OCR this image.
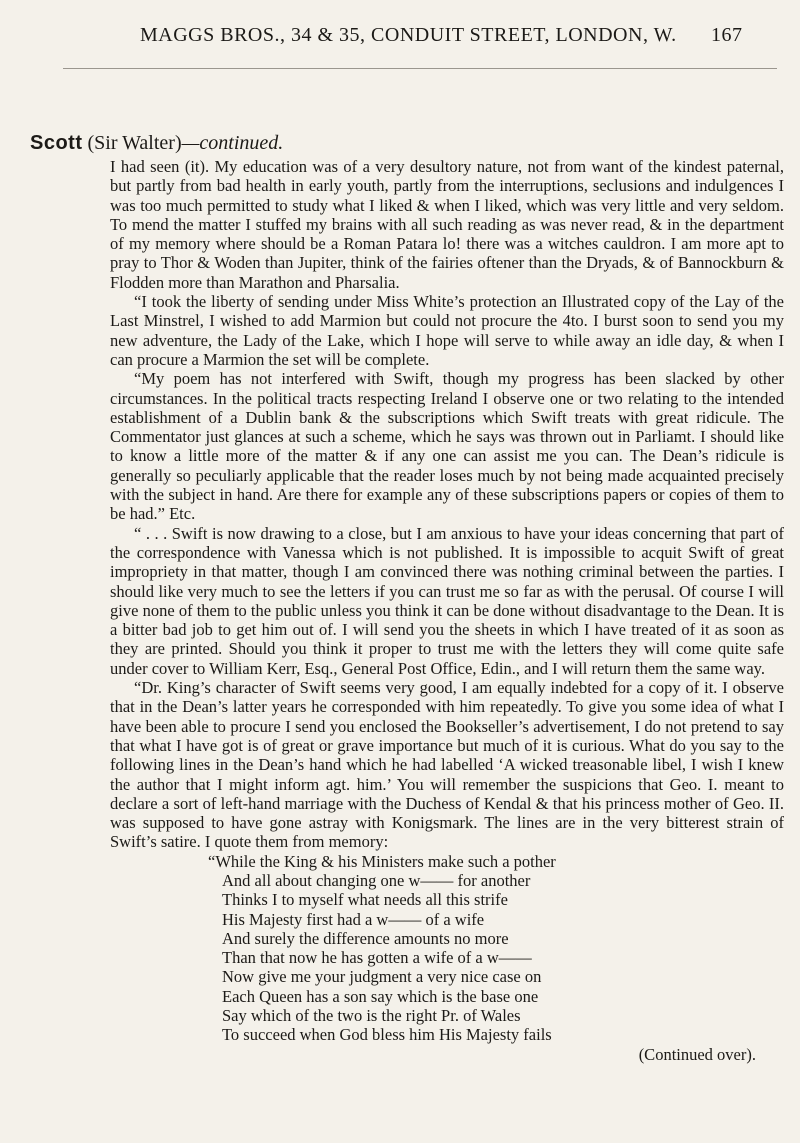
MAGGS BROS., 34 & 35, CONDUIT STREET, LONDON, W. 167
Scott (Sir Walter)—continued.

I had seen (it). My education was of a very desultory nature, not from want of the kindest paternal, but partly from bad health in early youth, partly from the interruptions, seclusions and indulgences I was too much permitted to study what I liked & when I liked, which was very little and very seldom. To mend the matter I stuffed my brains with all such reading as was never read, & in the department of my memory where should be a Roman Patara lo! there was a witches cauldron. I am more apt to pray to Thor & Woden than Jupiter, think of the fairies oftener than the Dryads, & of Bannockburn & Flodden more than Marathon and Pharsalia.

“I took the liberty of sending under Miss White’s protection an Illustrated copy of the Lay of the Last Minstrel, I wished to add Marmion but could not procure the 4to. I burst soon to send you my new adventure, the Lady of the Lake, which I hope will serve to while away an idle day, & when I can procure a Marmion the set will be complete.

“My poem has not interfered with Swift, though my progress has been slacked by other circumstances. In the political tracts respecting Ireland I observe one or two relating to the intended establishment of a Dublin bank & the subscriptions which Swift treats with great ridicule. The Commentator just glances at such a scheme, which he says was thrown out in Parliamt. I should like to know a little more of the matter & if any one can assist me you can. The Dean’s ridicule is generally so peculiarly applicable that the reader loses much by not being made acquainted precisely with the subject in hand. Are there for example any of these subscriptions papers or copies of them to be had.” Etc.

“ . . . Swift is now drawing to a close, but I am anxious to have your ideas concerning that part of the correspondence with Vanessa which is not published. It is impossible to acquit Swift of great impropriety in that matter, though I am convinced there was nothing criminal between the parties. I should like very much to see the letters if you can trust me so far as with the perusal. Of course I will give none of them to the public unless you think it can be done without disadvantage to the Dean. It is a bitter bad job to get him out of. I will send you the sheets in which I have treated of it as soon as they are printed. Should you think it proper to trust me with the letters they will come quite safe under cover to William Kerr, Esq., General Post Office, Edin., and I will return them the same way.

“Dr. King’s character of Swift seems very good, I am equally indebted for a copy of it. I observe that in the Dean’s latter years he corresponded with him repeatedly. To give you some idea of what I have been able to procure I send you enclosed the Bookseller’s advertisement, I do not pretend to say that what I have got is of great or grave importance but much of it is curious. What do you say to the following lines in the Dean’s hand which he had labelled ‘A wicked treasonable libel, I wish I knew the author that I might inform agt. him.’ You will remember the suspicions that Geo. I. meant to declare a sort of left-hand marriage with the Duchess of Kendal & that his princess mother of Geo. II. was supposed to have gone astray with Konigsmark. The lines are in the very bitterest strain of Swift’s satire. I quote them from memory:

“While the King & his Ministers make such a pother
And all about changing one w—— for another
Thinks I to myself what needs all this strife
His Majesty first had a w—— of a wife
And surely the difference amounts no more
Than that now he has gotten a wife of a w——
Now give me your judgment a very nice case on
Each Queen has a son say which is the base one
Say which of the two is the right Pr. of Wales
To succeed when God bless him His Majesty fails
(Continued over).
